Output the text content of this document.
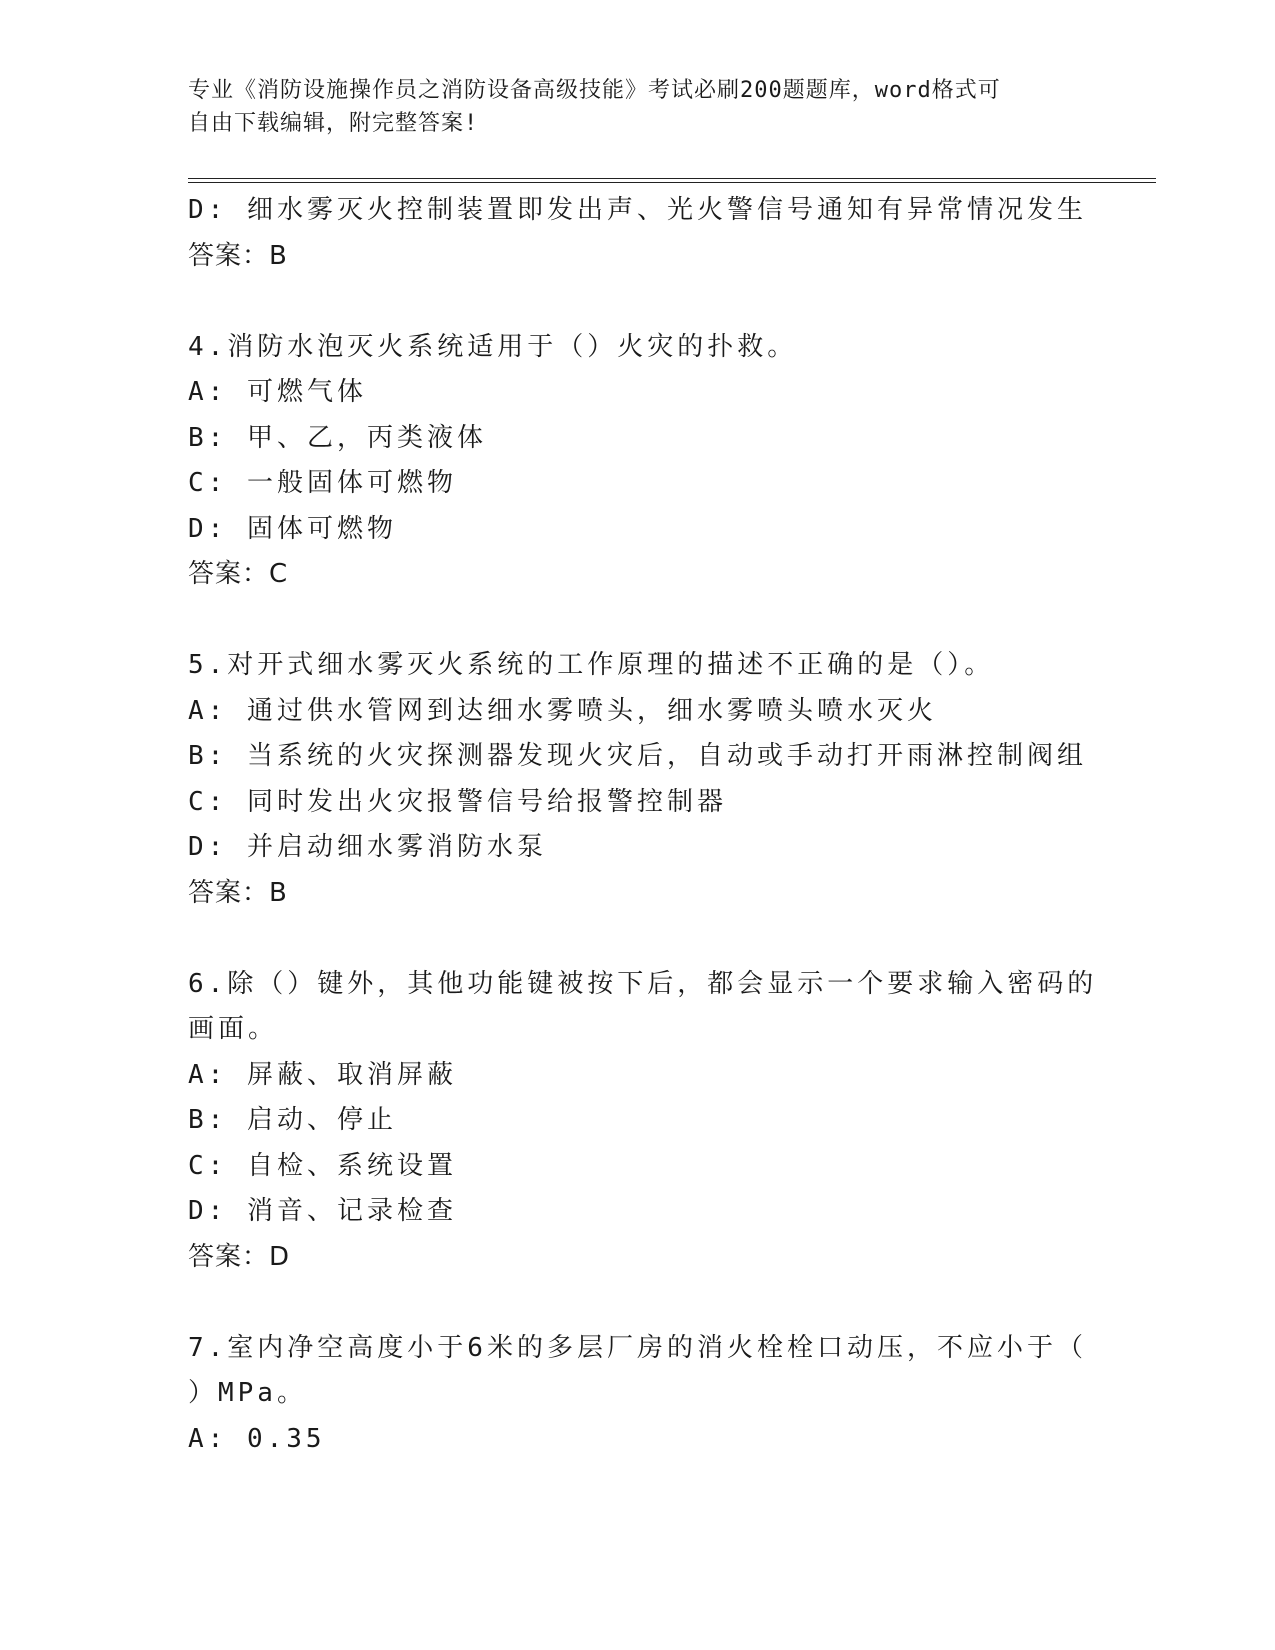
专业《消防设施操作员之消防设备高级技能》考试必刷200题题库，word格式可
自由下载编辑，附完整答案!
D: 细水雾灭火控制装置即发出声、光火警信号通知有异常情况发生
答案：B
4.消防水泡灭火系统适用于（）火灾的扑救。
A: 可燃气体
B: 甲、乙，丙类液体
C: 一般固体可燃物
D: 固体可燃物
答案：C
5.对开式细水雾灭火系统的工作原理的描述不正确的是（）。
A: 通过供水管网到达细水雾喷头，细水雾喷头喷水灭火
B: 当系统的火灾探测器发现火灾后，自动或手动打开雨淋控制阀组
C: 同时发出火灾报警信号给报警控制器
D: 并启动细水雾消防水泵
答案：B
6.除（）键外，其他功能键被按下后，都会显示一个要求输入密码的
画面。
A: 屏蔽、取消屏蔽
B: 启动、停止
C: 自检、系统设置
D: 消音、记录检查
答案：D
7.室内净空高度小于6米的多层厂房的消火栓栓口动压，不应小于（
）MPa。
A: 0.35
